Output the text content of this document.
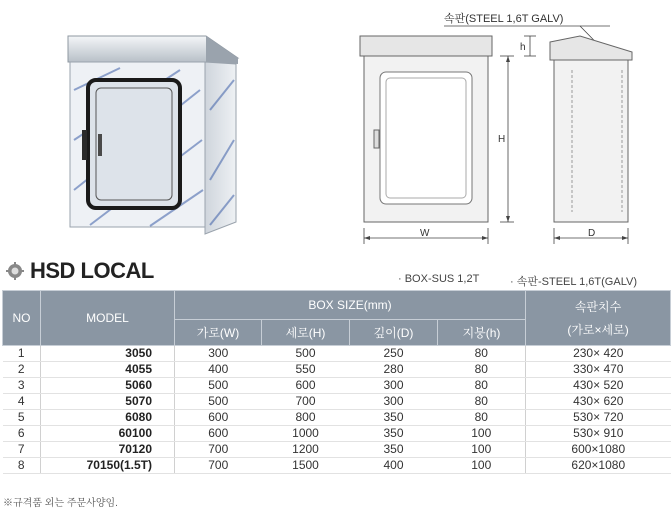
속판(STEEL 1,6T GALV)
W
H
h
D
HSD LOCAL	· BOX-SUS 1,2T	· 속판-STEEL 1,6T(GALV)
NO	MODEL	BOX SIZE(mm)				속판치수
(가로×세로)

		가로(W)	세로(H)	깊이(D)	지붕(h)	
1	3050	300	500	250	80	230× 420
2	4055	400	550	280	80	330× 470
3	5060	500	600	300	80	430× 520
4	5070	500	700	300	80	430× 620
5	6080	600	800	350	80	530× 720
6	60100	600	1000	350	100	530× 910
7	70120	700	1200	350	100	600×1080
8	70150(1.5T)	700	1500	400	100	620×1080
※규격품 외는 주문사양임.
